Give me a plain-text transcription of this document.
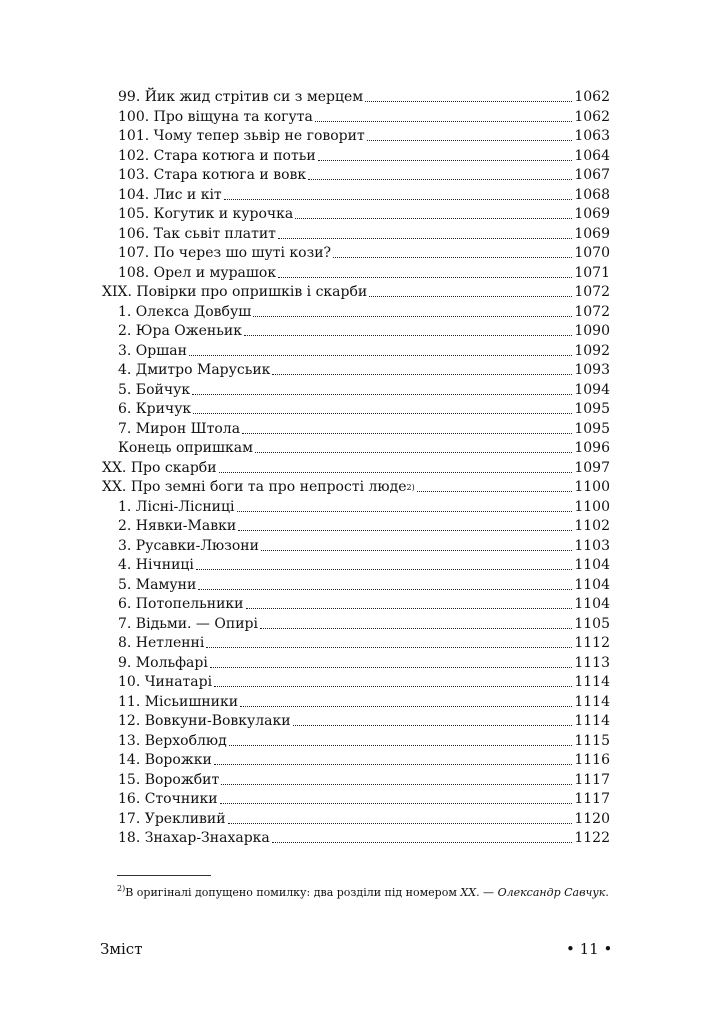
99. Йик жид стрітив си з мерцем	1062
100. Про віщуна та когута	1062
101. Чому тепер зьвір не говорит	1063
102. Стара котюга и потьи	1064
103. Стара котюга и вовк	1067
104. Лис и кіт	1068
105. Когутик и курочка	1069
106. Так сьвіт платит	1069
107. По через шо шуті кози?	1070
108. Орел и мурашок	1071
XIX. Повірки про опришків і скарби	1072
1. Олекса Довбуш	1072
2. Юра Оженьик	1090
3. Оршан	1092
4. Дмитро Марусьик	1093
5. Бойчук	1094
6. Кричук	1095
7. Мирон Штола	1095
Конець опришкам	1096
XX. Про скарби	1097
XX. Про земні боги та про непрості люде 2)	1100
1. Лісні-Лісниці	1100
2. Нявки-Мавки	1102
3. Русавки-Люзони	1103
4. Нічниці	1104
5. Мамуни	1104
6. Потопельники	1104
7. Відьми. — Опирі	1105
8. Нетленні	1112
9. Мольфарі	1113
10. Чинатарі	1114
11. Місьишники	1114
12. Вовкуни-Вовкулаки	1114
13. Верхоблюд	1115
14. Ворожки	1116
15. Ворожбит	1117
16. Сточники	1117
17. Урекливий	1120
18. Знахар-Знахарка	1122
$^{2)}$В оригіналі допущено помилку: два розділи під номером XX. — Олександр Савчук.
Зміст	• 11 •
